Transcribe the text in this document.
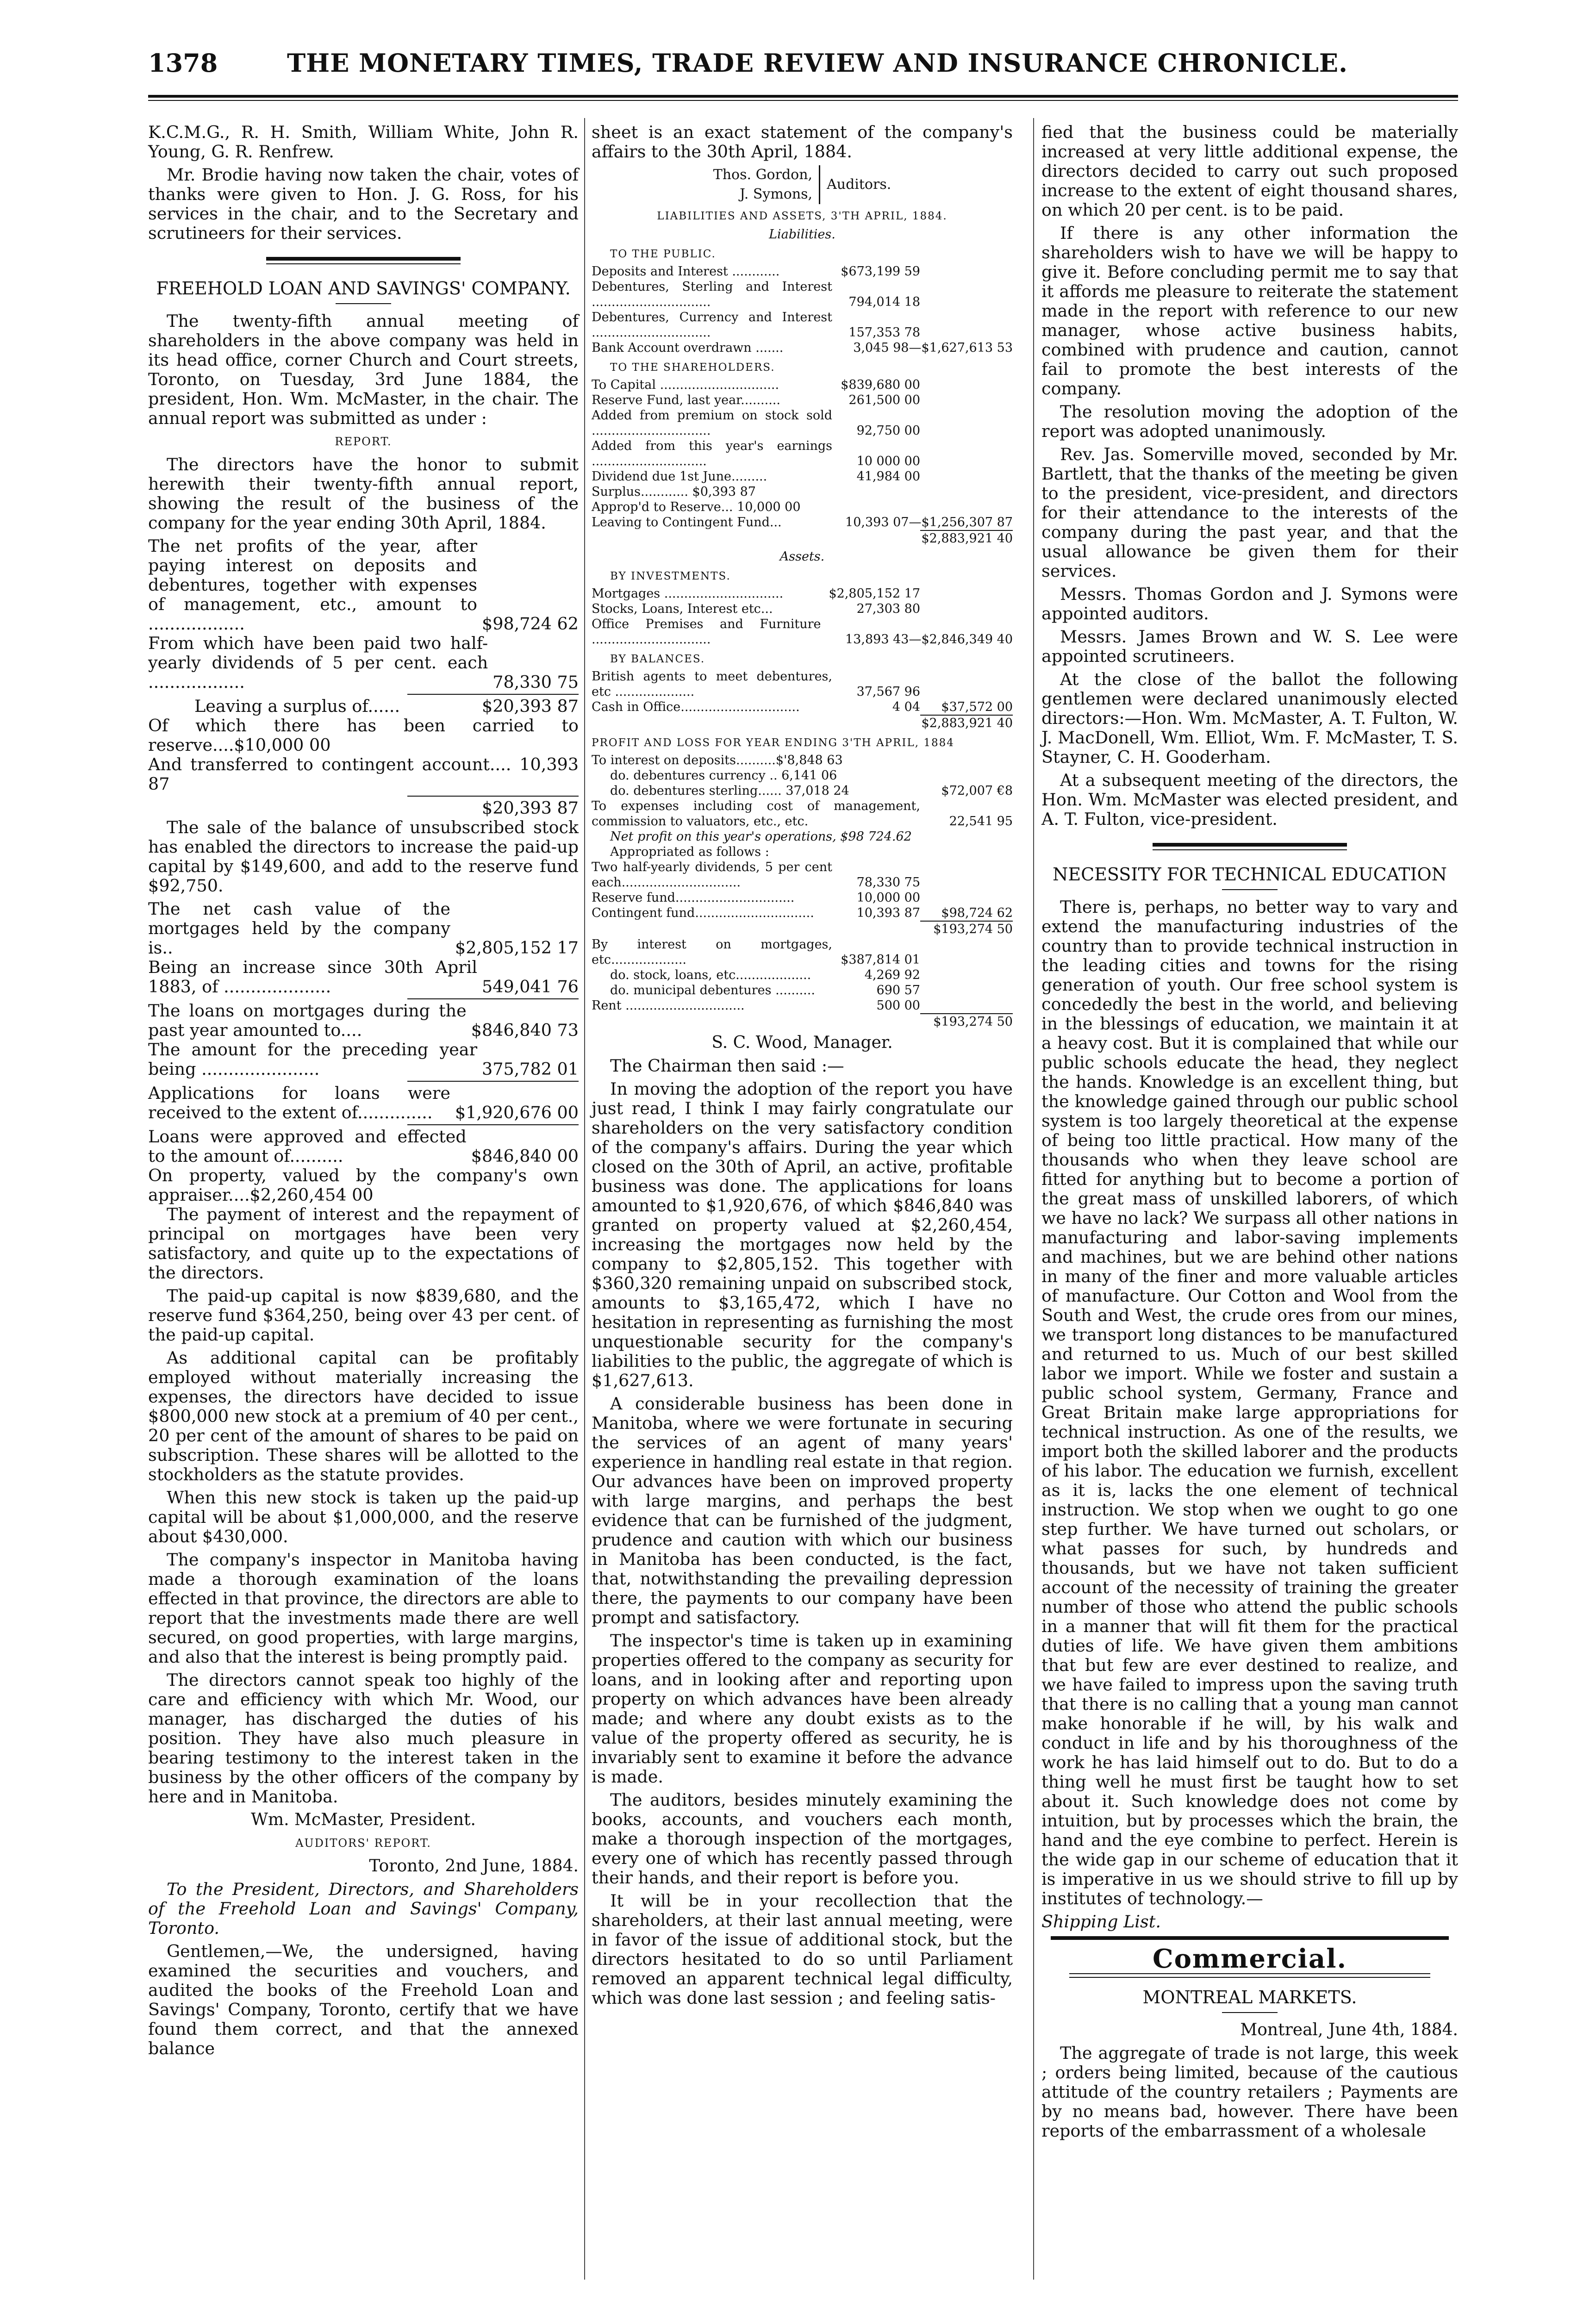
1378	THE MONETARY TIMES, TRADE REVIEW AND INSURANCE CHRONICLE.

K.C.M.G., R. H. Smith, William White, John R. Young, G. R. Renfrew.

Mr. Brodie having now taken the chair, votes of thanks were given to Hon. J. G. Ross, for his services in the chair, and to the Secretary and scrutineers for their services.

FREEHOLD LOAN AND SAVINGS' COMPANY.

The twenty-fifth annual meeting of shareholders in the above company was held in its head office, corner Church and Court streets, Toronto, on Tuesday, 3rd June 1884, the president, Hon. Wm. McMaster, in the chair. The annual report was submitted as under :

REPORT.

The directors have the honor to submit herewith their twenty-fifth annual report, showing the result of the business of the company for the year ending 30th April, 1884.

The net profits of the year, after paying interest on deposits and debentures, together with expenses of management, etc., amount to ..................	$98,724 62
From which have been paid two half-yearly dividends of 5 per cent. each ..................	78,330 75
Leaving a surplus of......	$20,393 87
Of which there has been carried to reserve....$10,000 00
And transferred to contingent account.... 10,393 87
$20,393 87

The sale of the balance of unsubscribed stock has enabled the directors to increase the paid-up capital by $149,600, and add to the reserve fund $92,750.

The net cash value of the mortgages held by the company is..	$2,805,152 17
Being an increase since 30th April 1883, of ....................	549,041 76
The loans on mortgages during the past year amounted to....	$846,840 73
The amount for the preceding year being ......................	375,782 01
Applications for loans were received to the extent of..............	$1,920,676 00
Loans were approved and effected to the amount of..........	$846,840 00
On property, valued by the company's own appraiser....$2,260,454 00

The payment of interest and the repayment of principal on mortgages have been very satisfactory, and quite up to the expectations of the directors.

The paid-up capital is now $839,680, and the reserve fund $364,250, being over 43 per cent. of the paid-up capital.

As additional capital can be profitably employed without materially increasing the expenses, the directors have decided to issue $800,000 new stock at a premium of 40 per cent., 20 per cent of the amount of shares to be paid on subscription. These shares will be allotted to the stockholders as the statute provides.

When this new stock is taken up the paid-up capital will be about $1,000,000, and the reserve about $430,000.

The company's inspector in Manitoba having made a thorough examination of the loans effected in that province, the directors are able to report that the investments made there are well secured, on good properties, with large margins, and also that the interest is being promptly paid.

The directors cannot speak too highly of the care and efficiency with which Mr. Wood, our manager, has discharged the duties of his position. They have also much pleasure in bearing testimony to the interest taken in the business by the other officers of the company by here and in Manitoba.

Wm. McMaster, President.
AUDITORS' REPORT.
Toronto, 2nd June, 1884.

To the President, Directors, and Shareholders of the Freehold Loan and Savings' Company, Toronto.

Gentlemen,—We, the undersigned, having examined the securities and vouchers, and audited the books of the Freehold Loan and Savings' Company, Toronto, certify that we have found them correct, and that the annexed balance

sheet is an exact statement of the company's affairs to the 30th April, 1884.

Thos. Gordon,
J. Symons,
Auditors.
LIABILITIES AND ASSETS, 3'TH APRIL, 1884.
Liabilities.
TO THE PUBLIC.
Deposits and Interest ............	$673,199 59
Debentures, Sterling and Interest ..............................	794,014 18
Debentures, Currency and Interest ..............................	157,353 78
Bank Account overdrawn .......	3,045 98 —$1,627,613 53
TO THE SHAREHOLDERS.
To Capital ..............................	$839,680 00
Reserve Fund, last year..........	261,500 00
Added from premium on stock sold ..............................	92,750 00
Added from this year's earnings .............................	10 000 00
Dividend due 1st June.........	41,984 00
Surplus............ $0,393 87
Approp'd to Reserve... 10,000 00
Leaving to Contingent Fund...	10,393 07 —$1,256,307 87
$2,883,921 40
Assets.
BY INVESTMENTS.
Mortgages ..............................	$2,805,152 17
Stocks, Loans, Interest etc...	27,303 80
Office Premises and Furniture ..............................	13,893 43 —$2,846,349 40
BY BALANCES.
British agents to meet debentures, etc ....................	37,567 96
Cash in Office..............................	4 04	$37,572 00
$2,883,921 40
PROFIT AND LOSS FOR YEAR ENDING 3'TH APRIL, 1884
To interest on deposits..........$'8,848 63
do. debentures currency .. 6,141 06
do. debentures sterling...... 37,018 24	$72,007 €8
To expenses including cost of management, commission to valuators, etc., etc.	22,541 95
Net profit on this year's operations, $98 724.62
Appropriated as follows :
Two half-yearly dividends, 5 per cent each..............................	78,330 75
Reserve fund..............................	10,000 00
Contingent fund..............................	10,393 87	$98,724 62
$193,274 50
By interest on mortgages, etc...................	$387,814 01
do. stock, loans, etc...................	4,269 92
do. municipal debentures ..........	690 57
Rent ..............................	500 00
$193,274 50
S. C. Wood, Manager.

The Chairman then said :—

In moving the adoption of the report you have just read, I think I may fairly congratulate our shareholders on the very satisfactory condition of the company's affairs. During the year which closed on the 30th of April, an active, profitable business was done. The applications for loans amounted to $1,920,676, of which $846,840 was granted on property valued at $2,260,454, increasing the mortgages now held by the company to $2,805,152. This together with $360,320 remaining unpaid on subscribed stock, amounts to $3,165,472, which I have no hesitation in representing as furnishing the most unquestionable security for the company's liabilities to the public, the aggregate of which is $1,627,613.

A considerable business has been done in Manitoba, where we were fortunate in securing the services of an agent of many years' experience in handling real estate in that region. Our advances have been on improved property with large margins, and perhaps the best evidence that can be furnished of the judgment, prudence and caution with which our business in Manitoba has been conducted, is the fact, that, notwithstanding the prevailing depression there, the payments to our company have been prompt and satisfactory.

The inspector's time is taken up in examining properties offered to the company as security for loans, and in looking after and reporting upon property on which advances have been already made; and where any doubt exists as to the value of the property offered as security, he is invariably sent to examine it before the advance is made.

The auditors, besides minutely examining the books, accounts, and vouchers each month, make a thorough inspection of the mortgages, every one of which has recently passed through their hands, and their report is before you.

It will be in your recollection that the shareholders, at their last annual meeting, were in favor of the issue of additional stock, but the directors hesitated to do so until Parliament removed an apparent technical legal difficulty, which was done last session ; and feeling satis-

fied that the business could be materially increased at very little additional expense, the directors decided to carry out such proposed increase to the extent of eight thousand shares, on which 20 per cent. is to be paid.

If there is any other information the shareholders wish to have we will be happy to give it. Before concluding permit me to say that it affords me pleasure to reiterate the statement made in the report with reference to our new manager, whose active business habits, combined with prudence and caution, cannot fail to promote the best interests of the company.

The resolution moving the adoption of the report was adopted unanimously.

Rev. Jas. Somerville moved, seconded by Mr. Bartlett, that the thanks of the meeting be given to the president, vice-president, and directors for their attendance to the interests of the company during the past year, and that the usual allowance be given them for their services.

Messrs. Thomas Gordon and J. Symons were appointed auditors.

Messrs. James Brown and W. S. Lee were appointed scrutineers.

At the close of the ballot the following gentlemen were declared unanimously elected directors:—Hon. Wm. McMaster, A. T. Fulton, W. J. MacDonell, Wm. Elliot, Wm. F. McMaster, T. S. Stayner, C. H. Gooderham.

At a subsequent meeting of the directors, the Hon. Wm. McMaster was elected president, and A. T. Fulton, vice-president.

NECESSITY FOR TECHNICAL EDUCATION

There is, perhaps, no better way to vary and extend the manufacturing industries of the country than to provide technical instruction in the leading cities and towns for the rising generation of youth. Our free school system is concededly the best in the world, and believing in the blessings of education, we maintain it at a heavy cost. But it is complained that while our public schools educate the head, they neglect the hands. Knowledge is an excellent thing, but the knowledge gained through our public school system is too largely theoretical at the expense of being too little practical. How many of the thousands who when they leave school are fitted for anything but to become a portion of the great mass of unskilled laborers, of which we have no lack? We surpass all other nations in manufacturing and labor-saving implements and machines, but we are behind other nations in many of the finer and more valuable articles of manufacture. Our Cotton and Wool from the South and West, the crude ores from our mines, we transport long distances to be manufactured and returned to us. Much of our best skilled labor we import. While we foster and sustain a public school system, Germany, France and Great Britain make large appropriations for technical instruction. As one of the results, we import both the skilled laborer and the products of his labor. The education we furnish, excellent as it is, lacks the one element of technical instruction. We stop when we ought to go one step further. We have turned out scholars, or what passes for such, by hundreds and thousands, but we have not taken sufficient account of the necessity of training the greater number of those who attend the public schools in a manner that will fit them for the practical duties of life. We have given them ambitions that but few are ever destined to realize, and we have failed to impress upon the saving truth that there is no calling that a young man cannot make honorable if he will, by his walk and conduct in life and by his thoroughness of the work he has laid himself out to do. But to do a thing well he must first be taught how to set about it. Such knowledge does not come by intuition, but by processes which the brain, the hand and the eye combine to perfect. Herein is the wide gap in our scheme of education that it is imperative in us we should strive to fill up by institutes of technology.—

Shipping List.

Commercial.
MONTREAL MARKETS.
Montreal, June 4th, 1884.

The aggregate of trade is not large, this week ; orders being limited, because of the cautious attitude of the country retailers ; Payments are by no means bad, however. There have been reports of the embarrassment of a wholesale
